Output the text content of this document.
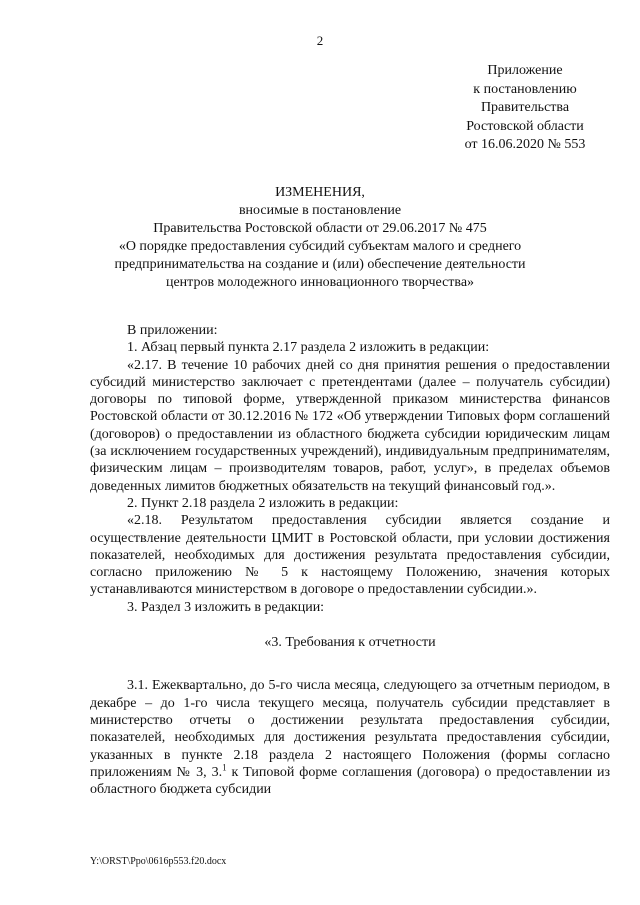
2
Приложение
к постановлению
Правительства
Ростовской области
от 16.06.2020 № 553
ИЗМЕНЕНИЯ,
вносимые в постановление
Правительства Ростовской области от 29.06.2017 № 475
«О порядке предоставления субсидий субъектам малого и среднего
предпринимательства на создание и (или) обеспечение деятельности
центров молодежного инновационного творчества»
В приложении:
1. Абзац первый пункта 2.17 раздела 2 изложить в редакции:
«2.17. В течение 10 рабочих дней со дня принятия решения о предоставлении субсидий министерство заключает с претендентами (далее – получатель субсидии) договоры по типовой форме, утвержденной приказом министерства финансов Ростовской области от 30.12.2016 № 172 «Об утверждении Типовых форм соглашений (договоров) о предоставлении из областного бюджета субсидии юридическим лицам (за исключением государственных учреждений), индивидуальным предпринимателям, физическим лицам – производителям товаров, работ, услуг», в пределах объемов доведенных лимитов бюджетных обязательств на текущий финансовый год.».
2. Пункт 2.18 раздела 2 изложить в редакции:
«2.18. Результатом предоставления субсидии является создание и осуществление деятельности ЦМИТ в Ростовской области, при условии достижения показателей, необходимых для достижения результата предоставления субсидии, согласно приложению № 5 к настоящему Положению, значения которых устанавливаются министерством в договоре о предоставлении субсидии.».
3. Раздел 3 изложить в редакции:
«3. Требования к отчетности
3.1. Ежеквартально, до 5-го числа месяца, следующего за отчетным периодом, в декабре – до 1-го числа текущего месяца, получатель субсидии представляет в министерство отчеты о достижении результата предоставления субсидии, показателей, необходимых для достижения результата предоставления субсидии, указанных в пункте 2.18 раздела 2 настоящего Положения (формы согласно приложениям № 3, 3.$^1$ к Типовой форме соглашения (договора) о предоставлении из областного бюджета субсидии
Y:\ORST\Ppo\0616p553.f20.docx
